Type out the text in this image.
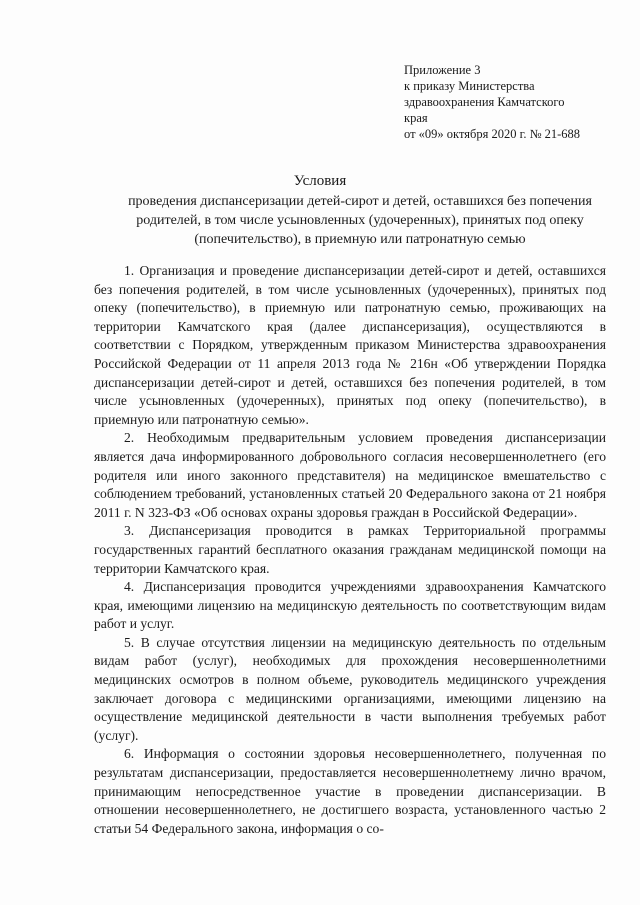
Приложение 3
к приказу Министерства
здравоохранения Камчатского
края
от «09» октября 2020 г. № 21-688
Условия
проведения диспансеризации детей-сирот и детей, оставшихся без попечения родителей, в том числе усыновленных (удочеренных), принятых под опеку (попечительство), в приемную или патронатную семью

1. Организация и проведение диспансеризации детей-сирот и детей, оставшихся без попечения родителей, в том числе усыновленных (удочеренных), принятых под опеку (попечительство), в приемную или патронатную семью, проживающих на территории Камчатского края (далее диспансеризация), осуществляются в соответствии с Порядком, утвержденным приказом Министерства здравоохранения Российской Федерации от 11 апреля 2013 года № 216н «Об утверждении Порядка диспансеризации детей-сирот и детей, оставшихся без попечения родителей, в том числе усыновленных (удочеренных), принятых под опеку (попечительство), в приемную или патронатную семью».

2. Необходимым предварительным условием проведения диспансеризации является дача информированного добровольного согласия несовершеннолетнего (его родителя или иного законного представителя) на медицинское вмешательство с соблюдением требований, установленных статьей 20 Федерального закона от 21 ноября 2011 г. N 323-ФЗ «Об основах охраны здоровья граждан в Российской Федерации».

3. Диспансеризация проводится в рамках Территориальной программы государственных гарантий бесплатного оказания гражданам медицинской помощи на территории Камчатского края.

4. Диспансеризация проводится учреждениями здравоохранения Камчатского края, имеющими лицензию на медицинскую деятельность по соответствующим видам работ и услуг.

5. В случае отсутствия лицензии на медицинскую деятельность по отдельным видам работ (услуг), необходимых для прохождения несовершеннолетними медицинских осмотров в полном объеме, руководитель медицинского учреждения заключает договора с медицинскими организациями, имеющими лицензию на осуществление медицинской деятельности в части выполнения требуемых работ (услуг).

6. Информация о состоянии здоровья несовершеннолетнего, полученная по результатам диспансеризации, предоставляется несовершеннолетнему лично врачом, принимающим непосредственное участие в проведении диспансеризации. В отношении несовершеннолетнего, не достигшего возраста, установленного частью 2 статьи 54 Федерального закона, информация о со-
